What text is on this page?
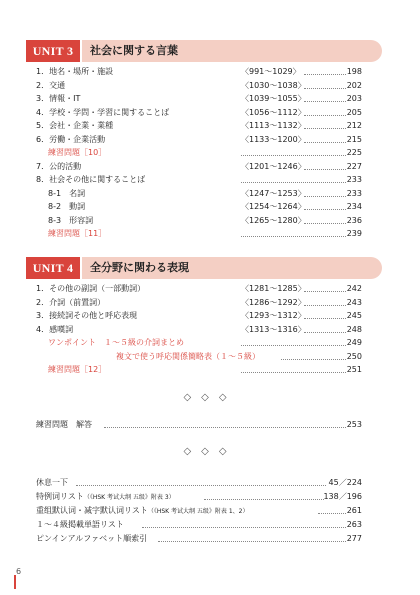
UNIT 3	社会に関する言葉
1．地名・場所・施設	〈991～1029〉	198
2．交通	〈1030～1038〉	202
3．情報・IT	〈1039～1055〉	203
4．学校・学問・学習に関することば	〈1056～1112〉	205
5．会社・企業・業種	〈1113～1132〉	212
6．労働・企業活動	〈1133～1200〉	215
練習問題［10］	225
7．公的活動	〈1201～1246〉	227
8．社会その他に関することば	233
8-1　名詞	〈1247～1253〉	233
8-2　動詞	〈1254～1264〉	234
8-3　形容詞	〈1265～1280〉	236
練習問題［11］	239
UNIT 4	全分野に関わる表現
1．その他の副詞（一部動詞）	〈1281～1285〉	242
2．介詞（前置詞）	〈1286～1292〉	243
3．接続詞その他と呼応表現	〈1293～1312〉	245
4．感嘆詞	〈1313～1316〉	248
ワンポイント　１～５級の介詞まとめ	249
複文で使う呼応関係簡略表（１～５級）	250
練習問題［12］	251
◇◇◇
練習問題　解答	253
◇◇◇
休息一下	45／224
特例词リスト（《HSK 考试大纲 五级》附表 3）	138／196
重组默认词・减字默认词リスト（《HSK 考试大纲 五级》附表 1、2）	261
１～４級掲載単語リスト	263
ピンインアルファベット順索引	277
6
